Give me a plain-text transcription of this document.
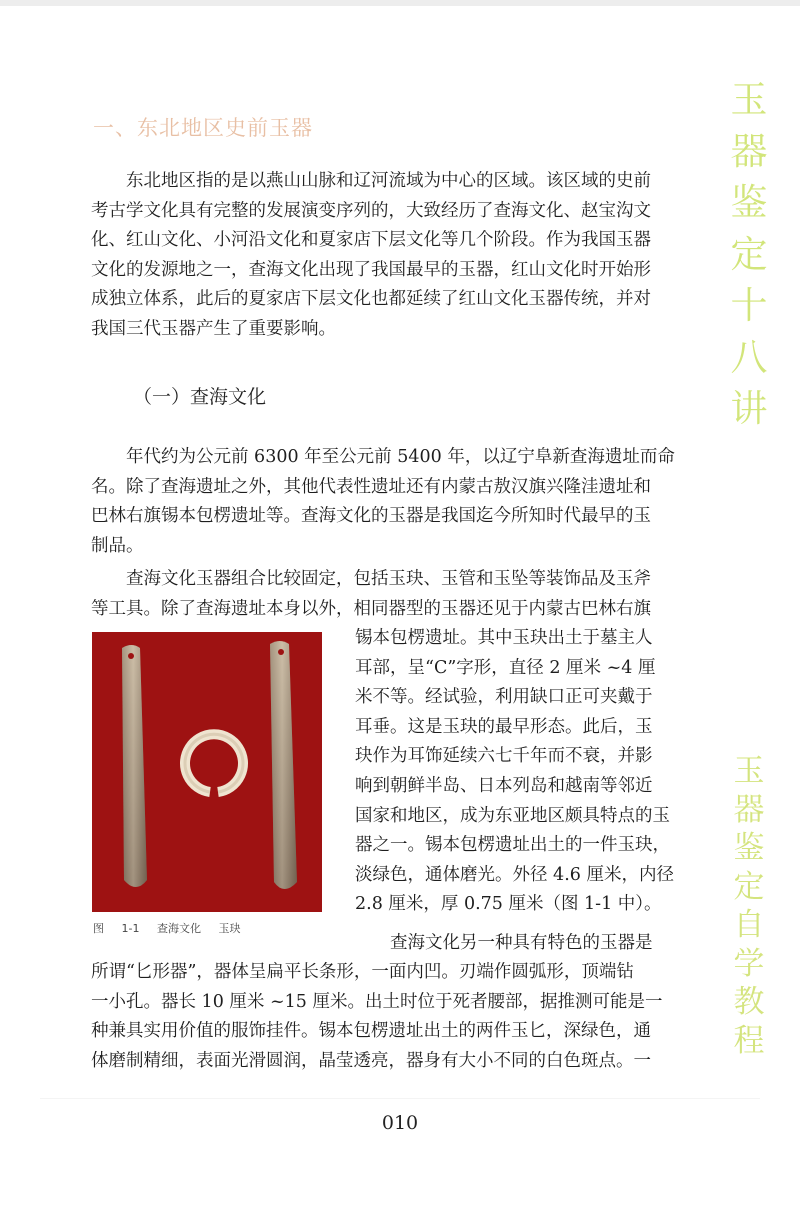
玉
器
鉴
定
十
八
讲
玉
器
鉴
定
自
学
教
程
一、东北地区史前玉器

东北地区指的是以燕山山脉和辽河流域为中心的区域。该区域的史前
考古学文化具有完整的发展演变序列的，大致经历了查海文化、赵宝沟文
化、红山文化、小河沿文化和夏家店下层文化等几个阶段。作为我国玉器
文化的发源地之一，查海文化出现了我国最早的玉器，红山文化时开始形
成独立体系，此后的夏家店下层文化也都延续了红山文化玉器传统，并对
我国三代玉器产生了重要影响。

（一）查海文化

年代约为公元前 6300 年至公元前 5400 年，以辽宁阜新查海遗址而命
名。除了查海遗址之外，其他代表性遗址还有内蒙古敖汉旗兴隆洼遗址和
巴林右旗锡本包楞遗址等。查海文化的玉器是我国迄今所知时代最早的玉
制品。

查海文化玉器组合比较固定，包括玉玦、玉管和玉坠等装饰品及玉斧
等工具。除了查海遗址本身以外，相同器型的玉器还见于内蒙古巴林右旗

锡本包楞遗址。其中玉玦出土于墓主人
耳部，呈“C”字形，直径 2 厘米 ~4 厘
米不等。经试验，利用缺口正可夹戴于
耳垂。这是玉玦的最早形态。此后，玉
玦作为耳饰延续六七千年而不衰，并影
响到朝鲜半岛、日本列岛和越南等邻近
国家和地区，成为东亚地区颇具特点的玉
器之一。锡本包楞遗址出土的一件玉玦，
淡绿色，通体磨光。外径 4.6 厘米，内径
2.8 厘米，厚 0.75 厘米（图 1-1 中）。

图 1-1 查海文化 玉玦

查海文化另一种具有特色的玉器是

所谓“匕形器”，器体呈扁平长条形，一面内凹。刃端作圆弧形，顶端钻
一小孔。器长 10 厘米 ~15 厘米。出土时位于死者腰部，据推测可能是一
种兼具实用价值的服饰挂件。锡本包楞遗址出土的两件玉匕，深绿色，通
体磨制精细，表面光滑圆润，晶莹透亮，器身有大小不同的白色斑点。一

010
